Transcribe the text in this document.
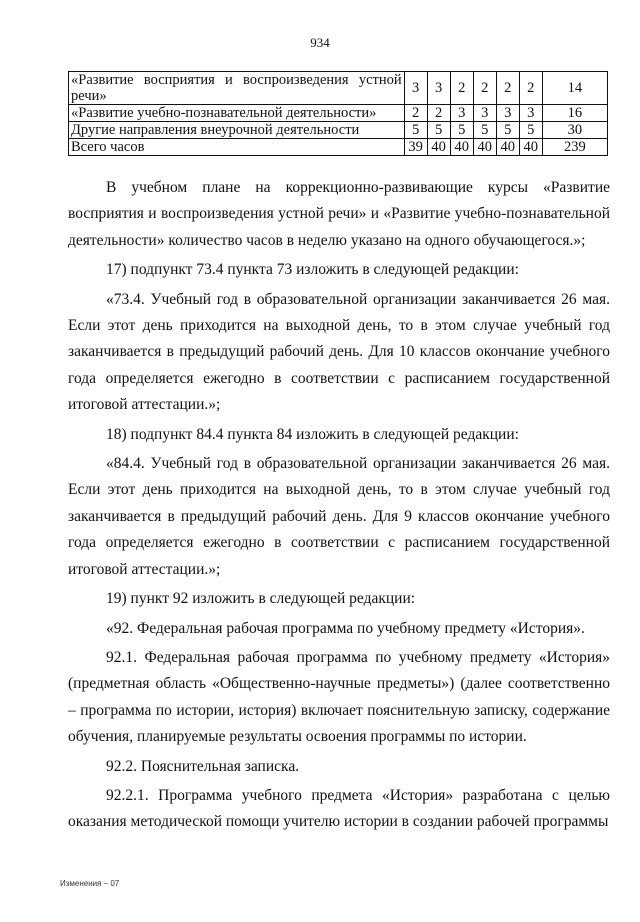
934
«Развитие восприятия и воспроизведения устной речи»	3	3	2	2	2	2	14
«Развитие учебно-познавательной деятельности»	2	2	3	3	3	3	16
Другие направления внеурочной деятельности	5	5	5	5	5	5	30
Всего часов	39	40	40	40	40	40	239

В учебном плане на коррекционно-развивающие курсы «Развитие восприятия и воспроизведения устной речи» и «Развитие учебно-познавательной деятельности» количество часов в неделю указано на одного обучающегося.»;

17) подпункт 73.4 пункта 73 изложить в следующей редакции:

«73.4. Учебный год в образовательной организации заканчивается 26 мая. Если этот день приходится на выходной день, то в этом случае учебный год заканчивается в предыдущий рабочий день. Для 10 классов окончание учебного года определяется ежегодно в соответствии с расписанием государственной итоговой аттестации.»;

18) подпункт 84.4 пункта 84 изложить в следующей редакции:

«84.4. Учебный год в образовательной организации заканчивается 26 мая. Если этот день приходится на выходной день, то в этом случае учебный год заканчивается в предыдущий рабочий день. Для 9 классов окончание учебного года определяется ежегодно в соответствии с расписанием государственной итоговой аттестации.»;

19) пункт 92 изложить в следующей редакции:

«92. Федеральная рабочая программа по учебному предмету «История».

92.1. Федеральная рабочая программа по учебному предмету «История» (предметная область «Общественно-научные предметы») (далее соответственно – программа по истории, история) включает пояснительную записку, содержание обучения, планируемые результаты освоения программы по истории.

92.2. Пояснительная записка.

92.2.1. Программа учебного предмета «История» разработана с целью оказания методической помощи учителю истории в создании рабочей программы

Изменения – 07
